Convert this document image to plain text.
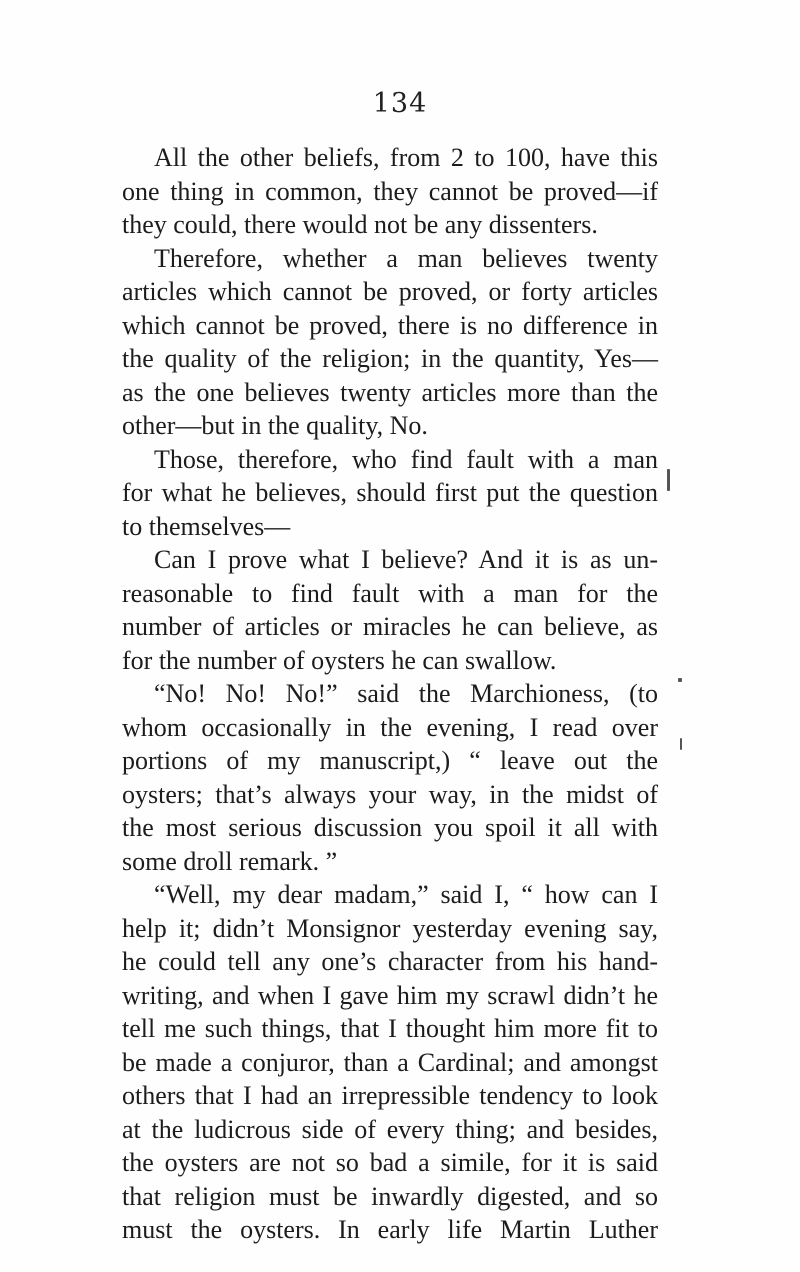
134
All the other beliefs, from 2 to 100, have this
one thing in common, they cannot be proved—if
they could, there would not be any dissenters.
Therefore, whether a man believes twenty
articles which cannot be proved, or forty articles
which cannot be proved, there is no difference in
the quality of the religion; in the quantity, Yes—
as the one believes twenty articles more than the
other—but in the quality, No.
Those, therefore, who find fault with a man
for what he believes, should first put the question
to themselves—
Can I prove what I believe? And it is as un-
reasonable to find fault with a man for the
number of articles or miracles he can believe, as
for the number of oysters he can swallow.
“No! No! No!” said the Marchioness, (to
whom occasionally in the evening, I read over
portions of my manuscript,) “ leave out the
oysters; that’s always your way, in the midst of
the most serious discussion you spoil it all with
some droll remark. ”
“Well, my dear madam,” said I, “ how can I
help it; didn’t Monsignor yesterday evening say,
he could tell any one’s character from his hand-
writing, and when I gave him my scrawl didn’t he
tell me such things, that I thought him more fit to
be made a conjuror, than a Cardinal; and amongst
others that I had an irrepressible tendency to look
at the ludicrous side of every thing; and besides,
the oysters are not so bad a simile, for it is said
that religion must be inwardly digested, and so
must the oysters. In early life Martin Luther
